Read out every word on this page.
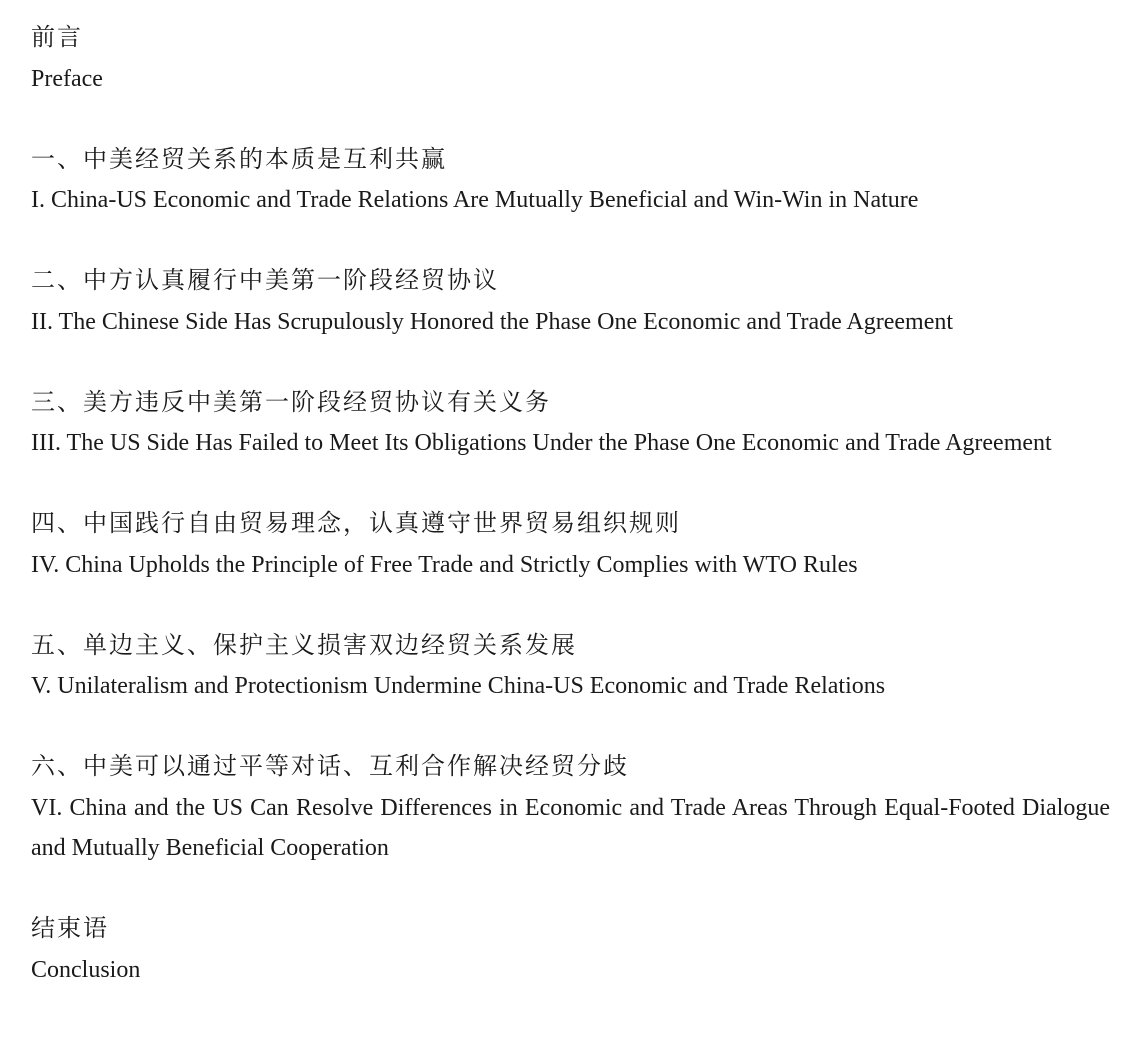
前言

Preface

一、中美经贸关系的本质是互利共赢

I. China-US Economic and Trade Relations Are Mutually Beneficial and Win-Win in Nature

二、中方认真履行中美第一阶段经贸协议

II. The Chinese Side Has Scrupulously Honored the Phase One Economic and Trade Agreement

三、美方违反中美第一阶段经贸协议有关义务

III. The US Side Has Failed to Meet Its Obligations Under the Phase One Economic and Trade Agreement

四、中国践行自由贸易理念，认真遵守世界贸易组织规则

IV. China Upholds the Principle of Free Trade and Strictly Complies with WTO Rules

五、单边主义、保护主义损害双边经贸关系发展

V. Unilateralism and Protectionism Undermine China-US Economic and Trade Relations

六、中美可以通过平等对话、互利合作解决经贸分歧

VI. China and the US Can Resolve Differences in Economic and Trade Areas Through Equal-Footed Dialogue and Mutually Beneficial Cooperation

结束语

Conclusion
